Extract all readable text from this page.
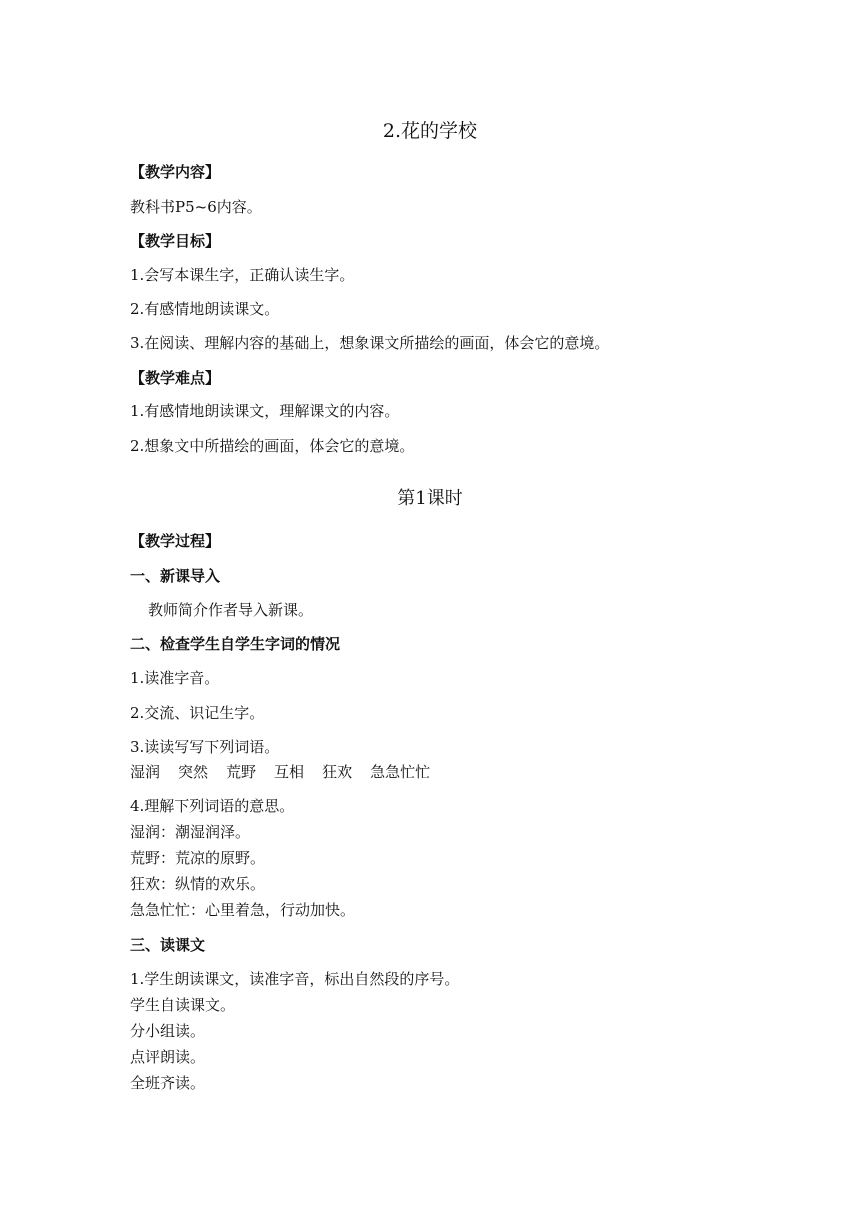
2.花的学校
【教学内容】
教科书P5~6内容。
【教学目标】
1.会写本课生字，正确认读生字。
2.有感情地朗读课文。
3.在阅读、理解内容的基础上，想象课文所描绘的画面，体会它的意境。
【教学难点】
1.有感情地朗读课文，理解课文的内容。
2.想象文中所描绘的画面，体会它的意境。
第1课时
【教学过程】
一、新课导入
教师简介作者导入新课。
二、检查学生自学生字词的情况
1.读准字音。
2.交流、识记生字。
3.读读写写下列词语。
湿润 突然 荒野 互相 狂欢 急急忙忙
4.理解下列词语的意思。
湿润：潮湿润泽。
荒野：荒凉的原野。
狂欢：纵情的欢乐。
急急忙忙：心里着急，行动加快。
三、读课文
1.学生朗读课文，读准字音，标出自然段的序号。
学生自读课文。
分小组读。
点评朗读。
全班齐读。
